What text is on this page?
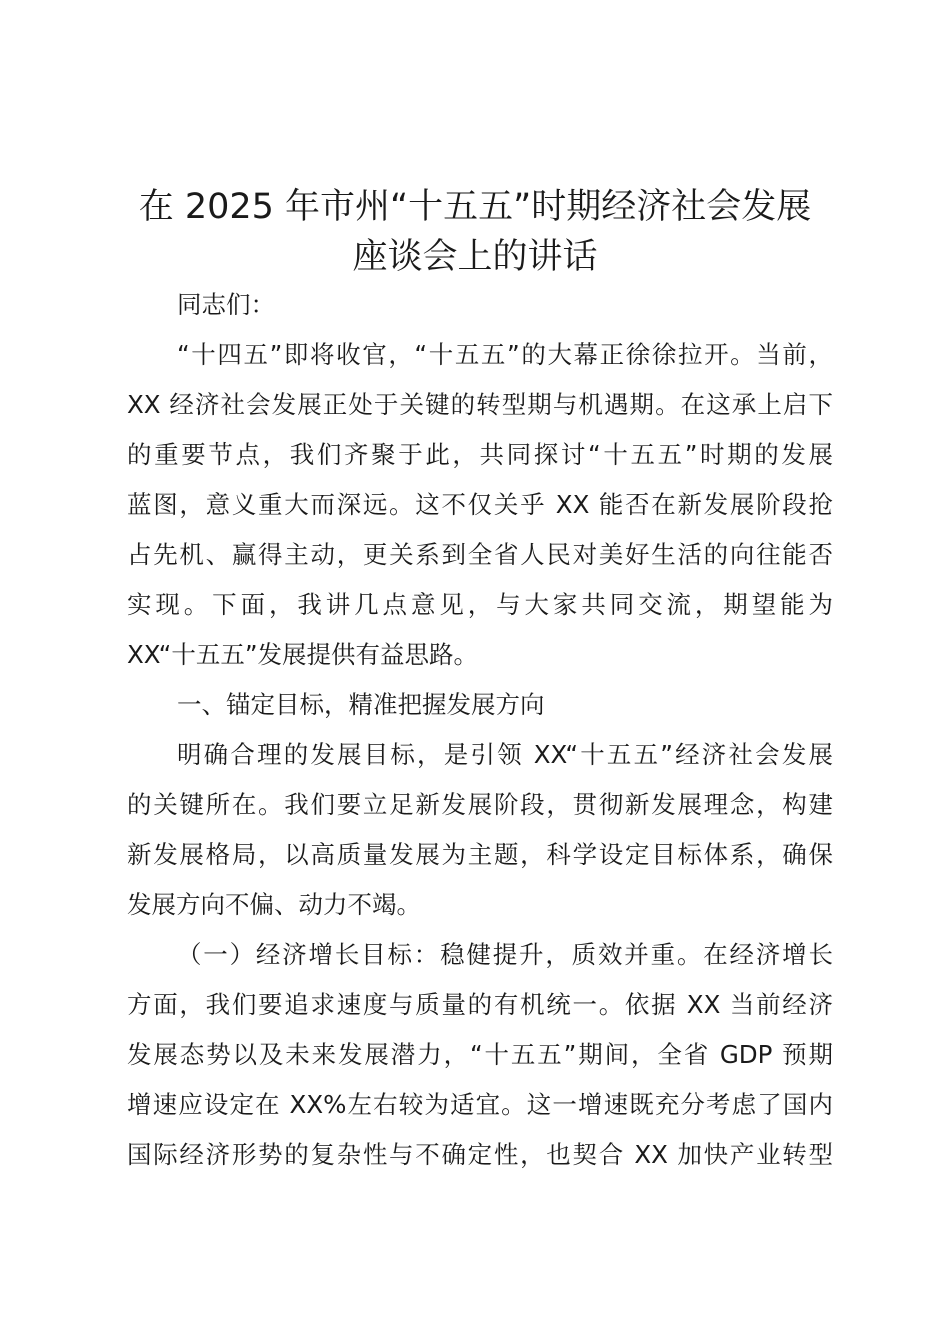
在 2025 年市州“十五五”时期经济社会发展
座谈会上的讲话

同志们：

“十四五”即将收官，“十五五”的大幕正徐徐拉开。当前，

XX 经济社会发展正处于关键的转型期与机遇期。在这承上启下

的重要节点，我们齐聚于此，共同探讨“十五五”时期的发展

蓝图，意义重大而深远。这不仅关乎 XX 能否在新发展阶段抢

占先机、赢得主动，更关系到全省人民对美好生活的向往能否

实现。下面，我讲几点意见，与大家共同交流，期望能为

XX“十五五”发展提供有益思路。

一、锚定目标，精准把握发展方向

明确合理的发展目标，是引领 XX“十五五”经济社会发展

的关键所在。我们要立足新发展阶段，贯彻新发展理念，构建

新发展格局，以高质量发展为主题，科学设定目标体系，确保

发展方向不偏、动力不竭。

（一）经济增长目标：稳健提升，质效并重。在经济增长

方面，我们要追求速度与质量的有机统一。依据 XX 当前经济

发展态势以及未来发展潜力，“十五五”期间，全省 GDP 预期

增速应设定在 XX%左右较为适宜。这一增速既充分考虑了国内

国际经济形势的复杂性与不确定性，也契合 XX 加快产业转型
